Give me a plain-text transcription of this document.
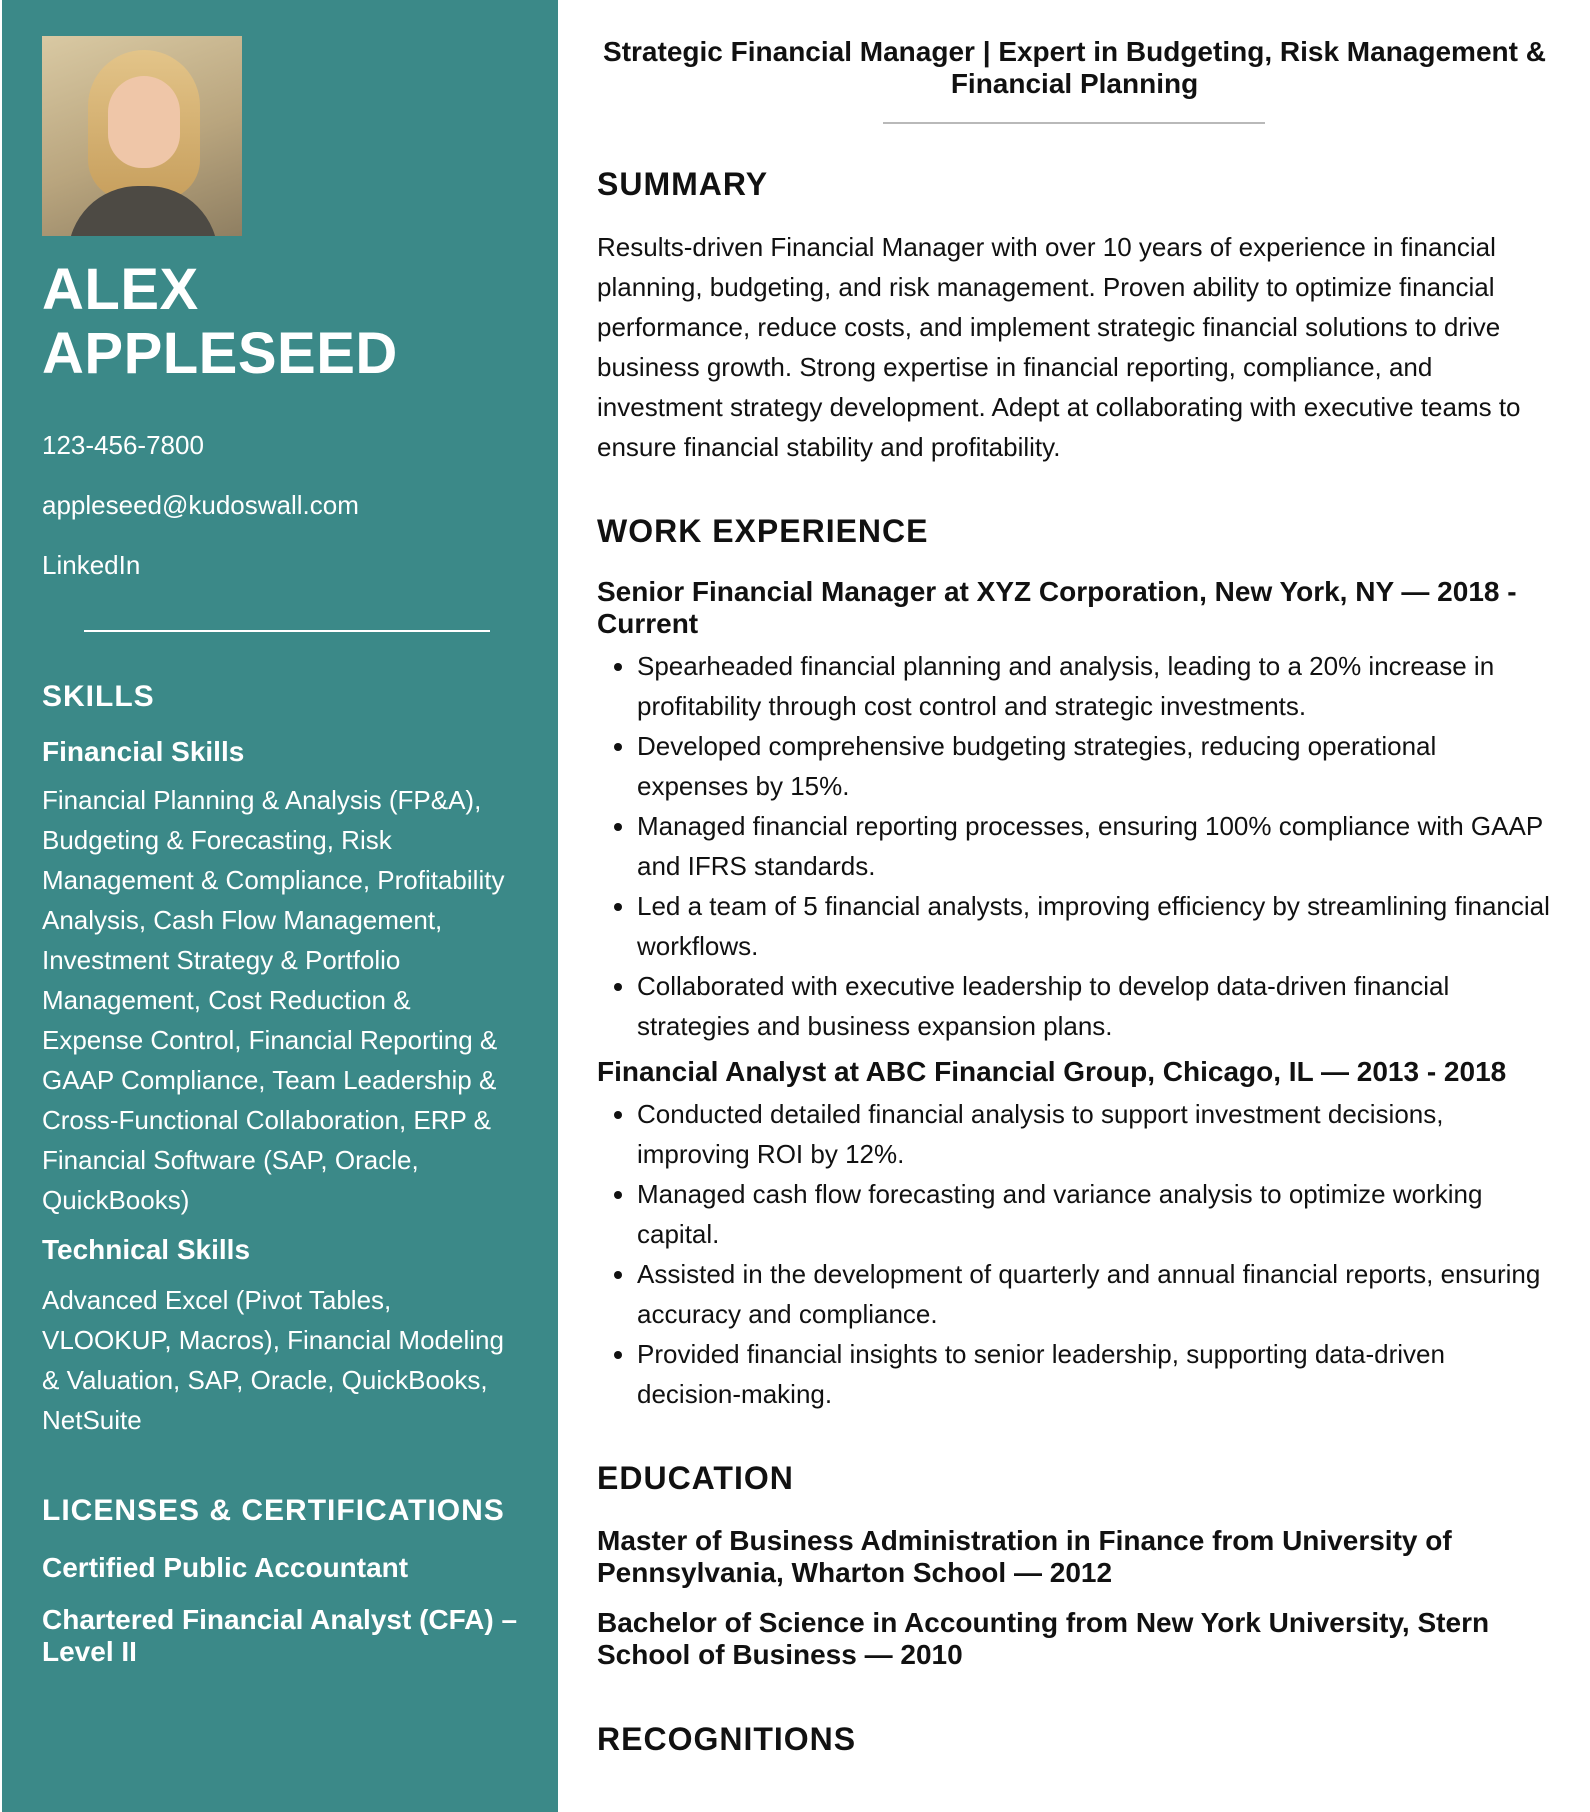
ALEX
APPLESEED
123-456-7800
appleseed@kudoswall.com
LinkedIn
SKILLS
Financial Skills
Financial Planning & Analysis (FP&A), Budgeting & Forecasting, Risk Management & Compliance, Profitability Analysis, Cash Flow Management, Investment Strategy & Portfolio Management, Cost Reduction & Expense Control, Financial Reporting & GAAP Compliance, Team Leadership & Cross-Functional Collaboration, ERP & Financial Software (SAP, Oracle, QuickBooks)
Technical Skills
Advanced Excel (Pivot Tables, VLOOKUP, Macros), Financial Modeling & Valuation, SAP, Oracle, QuickBooks, NetSuite
LICENSES & CERTIFICATIONS
Certified Public Accountant
Chartered Financial Analyst (CFA) – Level II
Strategic Financial Manager | Expert in Budgeting, Risk Management & Financial Planning
SUMMARY

Results-driven Financial Manager with over 10 years of experience in financial planning, budgeting, and risk management. Proven ability to optimize financial performance, reduce costs, and implement strategic financial solutions to drive business growth. Strong expertise in financial reporting, compliance, and investment strategy development. Adept at collaborating with executive teams to ensure financial stability and profitability.

WORK EXPERIENCE
Senior Financial Manager at XYZ Corporation, New York, NY — 2018 - Current
• Spearheaded financial planning and analysis, leading to a 20% increase in profitability through cost control and strategic investments.
• Developed comprehensive budgeting strategies, reducing operational expenses by 15%.
• Managed financial reporting processes, ensuring 100% compliance with GAAP and IFRS standards.
• Led a team of 5 financial analysts, improving efficiency by streamlining financial workflows.
• Collaborated with executive leadership to develop data-driven financial strategies and business expansion plans.
Financial Analyst at ABC Financial Group, Chicago, IL — 2013 - 2018
• Conducted detailed financial analysis to support investment decisions, improving ROI by 12%.
• Managed cash flow forecasting and variance analysis to optimize working capital.
• Assisted in the development of quarterly and annual financial reports, ensuring accuracy and compliance.
• Provided financial insights to senior leadership, supporting data-driven decision-making.
EDUCATION
Master of Business Administration in Finance from University of Pennsylvania, Wharton School — 2012
Bachelor of Science in Accounting from New York University, Stern School of Business — 2010
RECOGNITIONS
